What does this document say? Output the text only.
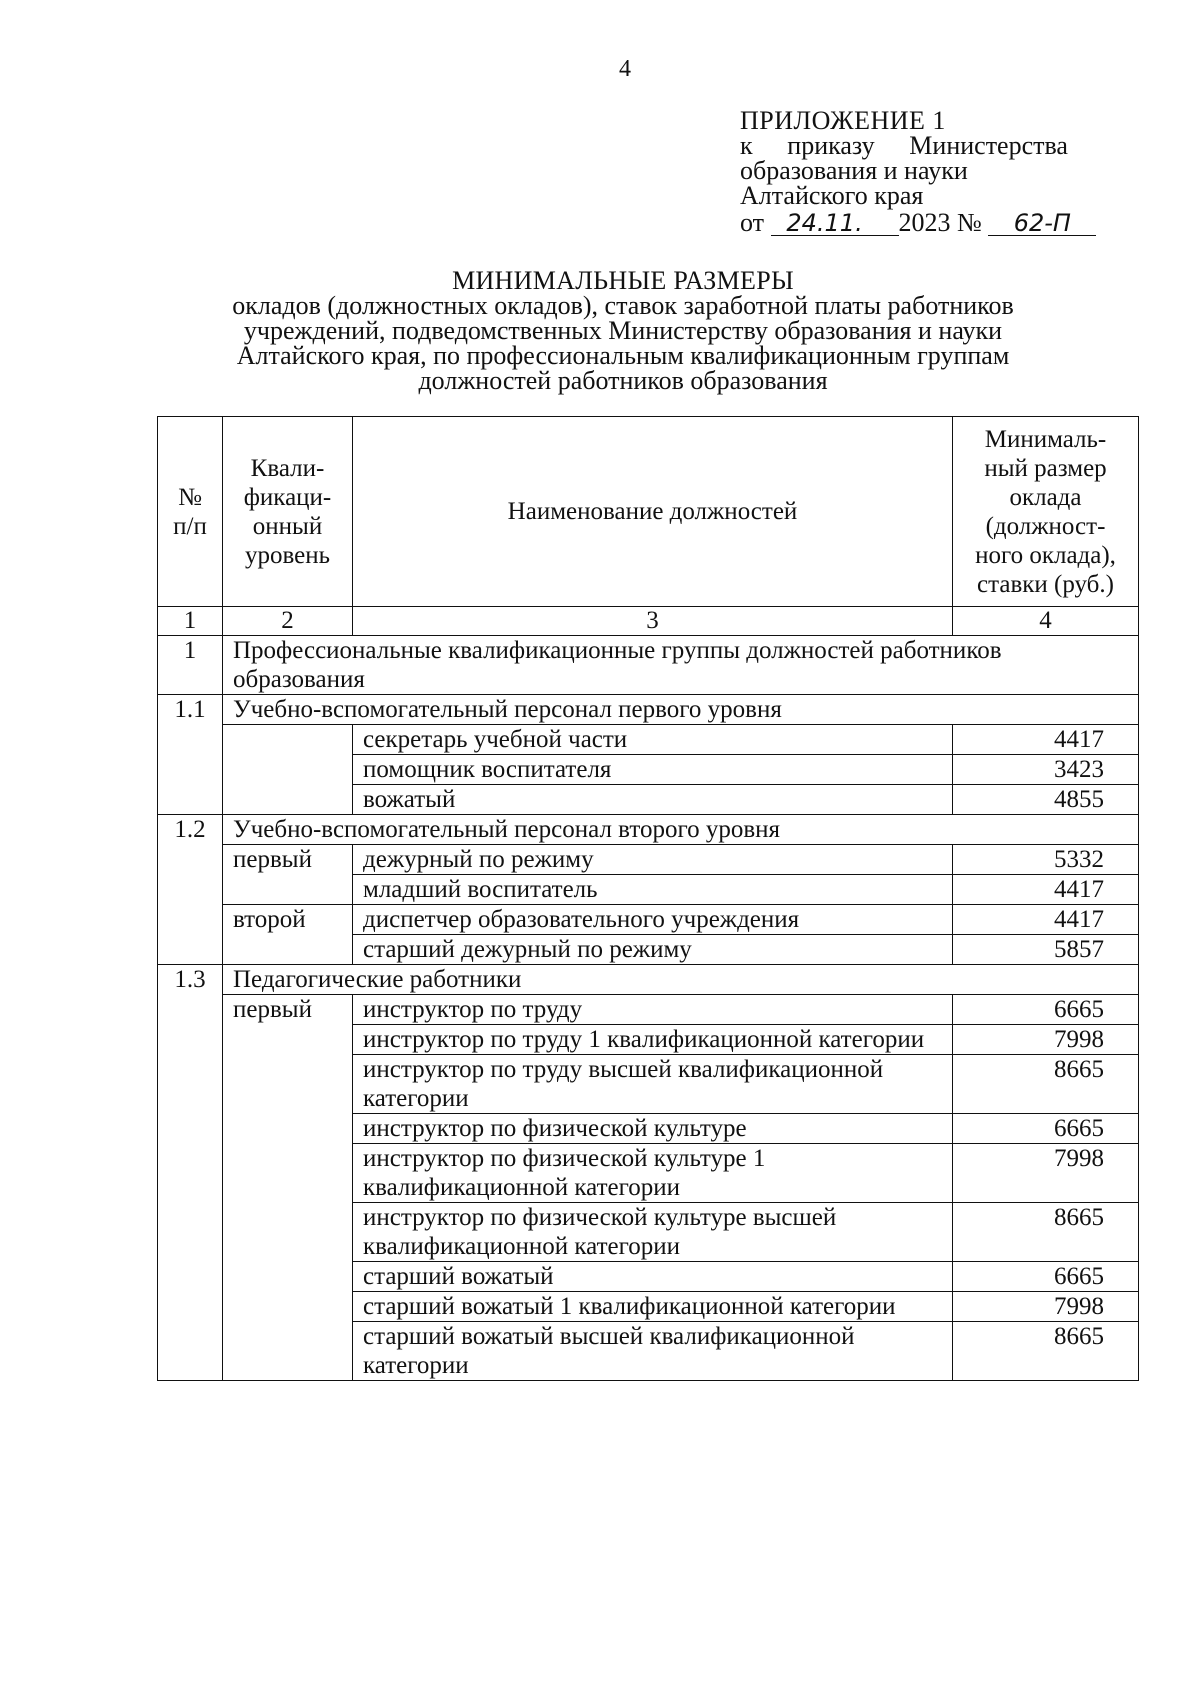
4
ПРИЛОЖЕНИЕ 1
к приказу Министерства
образования и науки
Алтайского края
от 24.11. 2023 № 62-П
МИНИМАЛЬНЫЕ РАЗМЕРЫ
окладов (должностных окладов), ставок заработной платы работников
учреждений, подведомственных Министерству образования и науки
Алтайского края, по профессиональным квалификационным группам
должностей работников образования
№ п/п	Квали-фикаци-онный уровень	Наименование должностей	Минималь-ный размер оклада (должност-ного оклада), ставки (руб.)
1	2	3	4
1	Профессиональные квалификационные группы должностей работников образования		
1.1	Учебно-вспомогательный персонал первого уровня		
		секретарь учебной части	4417
		помощник воспитателя	3423
		вожатый	4855
1.2	Учебно-вспомогательный персонал второго уровня		
	первый	дежурный по режиму	5332
		младший воспитатель	4417
	второй	диспетчер образовательного учреждения	4417
		старший дежурный по режиму	5857
1.3	Педагогические работники		
	первый	инструктор по труду	6665
		инструктор по труду 1 квалификационной категории	7998
		инструктор по труду высшей квалификационной категории	8665
		инструктор по физической культуре	6665
		инструктор по физической культуре 1 квалификационной категории	7998
		инструктор по физической культуре высшей квалификационной категории	8665
		старший вожатый	6665
		старший вожатый 1 квалификационной категории	7998
		старший вожатый высшей квалификационной категории	8665
